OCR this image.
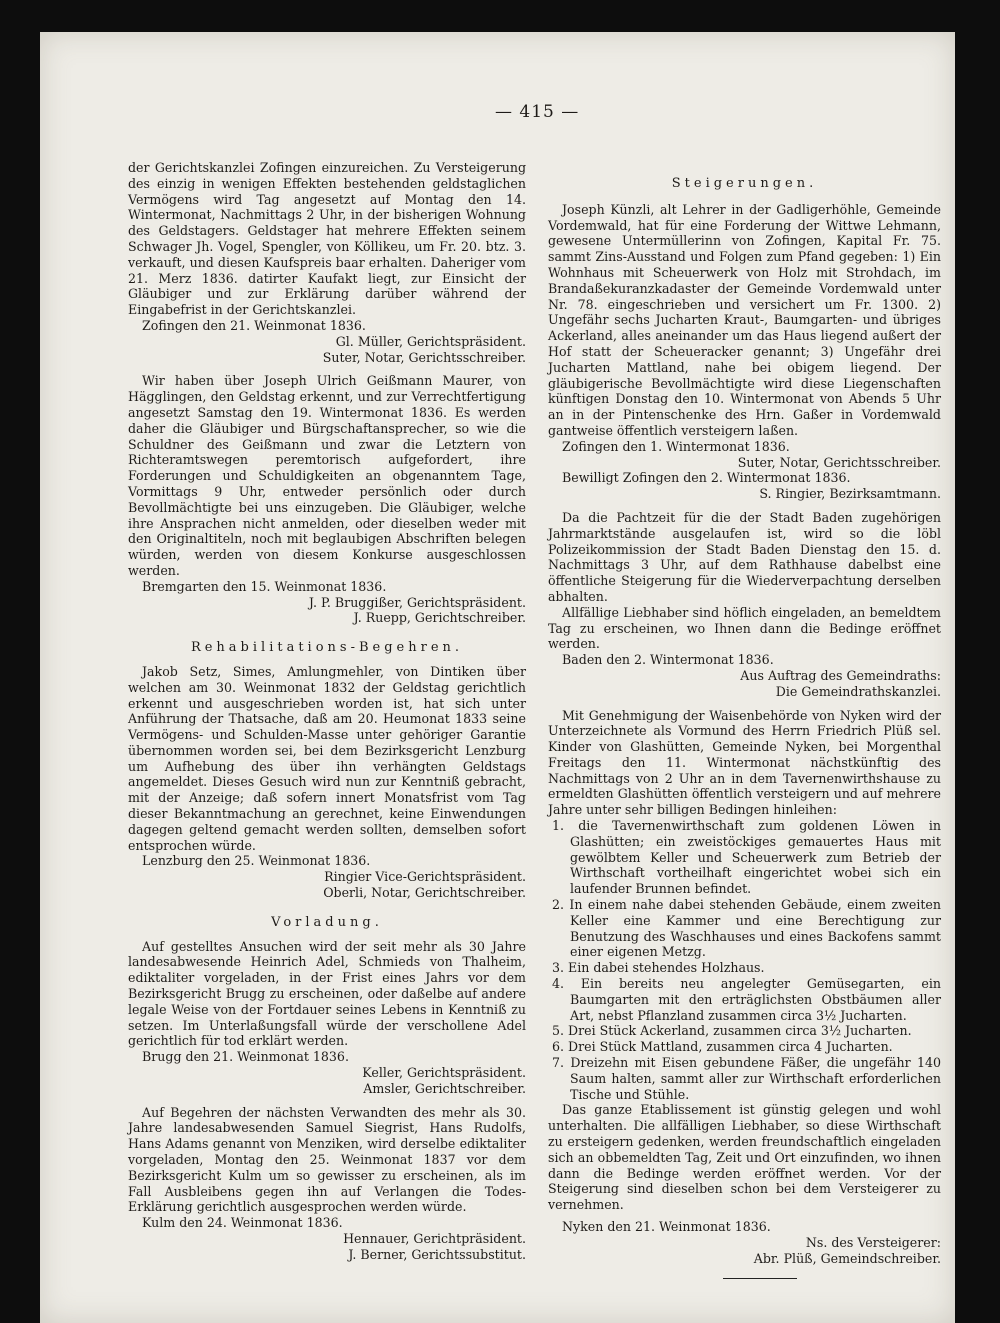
— 415 —

der Gerichtskanzlei Zofingen einzureichen. Zu Versteigerung des einzig in wenigen Effekten bestehenden geldstaglichen Vermögens wird Tag angesetzt auf Montag den 14. Wintermonat, Nachmittags 2 Uhr, in der bisherigen Wohnung des Geldstagers. Geldstager hat mehrere Effekten seinem Schwager Jh. Vogel, Spengler, von Köllikeu, um Fr. 20. btz. 3. verkauft, und diesen Kaufspreis baar erhalten. Daheriger vom 21. Merz 1836. datirter Kaufakt liegt, zur Einsicht der Gläubiger und zur Erklärung darüber während der Eingabefrist in der Gerichtskanzlei.

Zofingen den 21. Weinmonat 1836.

Gl. Müller, Gerichtspräsident.

Suter, Notar, Gerichtsschreiber.

Wir haben über Joseph Ulrich Geißmann Maurer, von Hägglingen, den Geldstag erkennt, und zur Verrechtfertigung angesetzt Samstag den 19. Wintermonat 1836. Es werden daher die Gläubiger und Bürgschaftansprecher, so wie die Schuldner des Geißmann und zwar die Letztern von Richteramtswegen peremtorisch aufgefordert, ihre Forderungen und Schuldigkeiten an obgenanntem Tage, Vormittags 9 Uhr, entweder persönlich oder durch Bevollmächtigte bei uns einzugeben. Die Gläubiger, welche ihre Ansprachen nicht anmelden, oder dieselben weder mit den Originaltiteln, noch mit beglaubigen Abschriften belegen würden, werden von diesem Konkurse ausgeschlossen werden.

Bremgarten den 15. Weinmonat 1836.

J. P. Bruggißer, Gerichtspräsident.

J. Ruepp, Gerichtschreiber.

Rehabilitations-Begehren.

Jakob Setz, Simes, Amlungmehler, von Dintiken über welchen am 30. Weinmonat 1832 der Geldstag gerichtlich erkennt und ausgeschrieben worden ist, hat sich unter Anführung der Thatsache, daß am 20. Heumonat 1833 seine Vermögens- und Schulden-Masse unter gehöriger Garantie übernommen worden sei, bei dem Bezirksgericht Lenzburg um Aufhebung des über ihn verhängten Geldstags angemeldet. Dieses Gesuch wird nun zur Kenntniß gebracht, mit der Anzeige; daß sofern innert Monatsfrist vom Tag dieser Bekanntmachung an gerechnet, keine Einwendungen dagegen geltend gemacht werden sollten, demselben sofort entsprochen würde.

Lenzburg den 25. Weinmonat 1836.

Ringier Vice-Gerichtspräsident.

Oberli, Notar, Gerichtschreiber.

Vorladung.

Auf gestelltes Ansuchen wird der seit mehr als 30 Jahre landesabwesende Heinrich Adel, Schmieds von Thalheim, ediktaliter vorgeladen, in der Frist eines Jahrs vor dem Bezirksgericht Brugg zu erscheinen, oder daßelbe auf andere legale Weise von der Fortdauer seines Lebens in Kenntniß zu setzen. Im Unterlaßungsfall würde der verschollene Adel gerichtlich für tod erklärt werden.

Brugg den 21. Weinmonat 1836.

Keller, Gerichtspräsident.

Amsler, Gerichtschreiber.

Auf Begehren der nächsten Verwandten des mehr als 30. Jahre landesabwesenden Samuel Siegrist, Hans Rudolfs, Hans Adams genannt von Menziken, wird derselbe ediktaliter vorgeladen, Montag den 25. Weinmonat 1837 vor dem Bezirksgericht Kulm um so gewisser zu erscheinen, als im Fall Ausbleibens gegen ihn auf Verlangen die Todes-Erklärung gerichtlich ausgesprochen werden würde.

Kulm den 24. Weinmonat 1836.

Hennauer, Gerichtpräsident.

J. Berner, Gerichtssubstitut.

Steigerungen.

Joseph Künzli, alt Lehrer in der Gadligerhöhle, Gemeinde Vordemwald, hat für eine Forderung der Wittwe Lehmann, gewesene Untermüllerinn von Zofingen, Kapital Fr. 75. sammt Zins-Ausstand und Folgen zum Pfand gegeben: 1) Ein Wohnhaus mit Scheuerwerk von Holz mit Strohdach, im Brandaßekuranzkadaster der Gemeinde Vordemwald unter Nr. 78. eingeschrieben und versichert um Fr. 1300. 2) Ungefähr sechs Jucharten Kraut-, Baumgarten- und übriges Ackerland, alles aneinander um das Haus liegend außert der Hof statt der Scheueracker genannt; 3) Ungefähr drei Jucharten Mattland, nahe bei obigem liegend. Der gläubigerische Bevollmächtigte wird diese Liegenschaften künftigen Donstag den 10. Wintermonat von Abends 5 Uhr an in der Pintenschenke des Hrn. Gaßer in Vordemwald gantweise öffentlich versteigern laßen.

Zofingen den 1. Wintermonat 1836.

Suter, Notar, Gerichtsschreiber.

Bewilligt Zofingen den 2. Wintermonat 1836.

S. Ringier, Bezirksamtmann.

Da die Pachtzeit für die der Stadt Baden zugehörigen Jahrmarktstände ausgelaufen ist, wird so die löbl Polizeikommission der Stadt Baden Dienstag den 15. d. Nachmittags 3 Uhr, auf dem Rathhause dabelbst eine öffentliche Steigerung für die Wiederverpachtung derselben abhalten.

Allfällige Liebhaber sind höflich eingeladen, an bemeldtem Tag zu erscheinen, wo Ihnen dann die Bedinge eröffnet werden.

Baden den 2. Wintermonat 1836.

Aus Auftrag des Gemeindraths:

Die Gemeindrathskanzlei.

Mit Genehmigung der Waisenbehörde von Nyken wird der Unterzeichnete als Vormund des Herrn Friedrich Plüß sel. Kinder von Glashütten, Gemeinde Nyken, bei Morgenthal Freitags den 11. Wintermonat nächstkünftig des Nachmittags von 2 Uhr an in dem Tavernenwirthshause zu ermeldten Glashütten öffentlich versteigern und auf mehrere Jahre unter sehr billigen Bedingen hinleihen:

1. die Tavernenwirthschaft zum goldenen Löwen in Glashütten; ein zweistöckiges gemauertes Haus mit gewölbtem Keller und Scheuerwerk zum Betrieb der Wirthschaft vortheilhaft eingerichtet wobei sich ein laufender Brunnen befindet.

2. In einem nahe dabei stehenden Gebäude, einem zweiten Keller eine Kammer und eine Berechtigung zur Benutzung des Waschhauses und eines Backofens sammt einer eigenen Metzg.

3. Ein dabei stehendes Holzhaus.

4. Ein bereits neu angelegter Gemüsegarten, ein Baumgarten mit den erträglichsten Obstbäumen aller Art, nebst Pflanzland zusammen circa 3½ Jucharten.

5. Drei Stück Ackerland, zusammen circa 3½ Jucharten.

6. Drei Stück Mattland, zusammen circa 4 Jucharten.

7. Dreizehn mit Eisen gebundene Fäßer, die ungefähr 140 Saum halten, sammt aller zur Wirthschaft erforderlichen Tische und Stühle.

Das ganze Etablissement ist günstig gelegen und wohl unterhalten. Die allfälligen Liebhaber, so diese Wirthschaft zu ersteigern gedenken, werden freundschaftlich eingeladen sich an obbemeldten Tag, Zeit und Ort einzufinden, wo ihnen dann die Bedinge werden eröffnet werden. Vor der Steigerung sind dieselben schon bei dem Versteigerer zu vernehmen.

Nyken den 21. Weinmonat 1836.

Ns. des Versteigerer:

Abr. Plüß, Gemeindschreiber.
